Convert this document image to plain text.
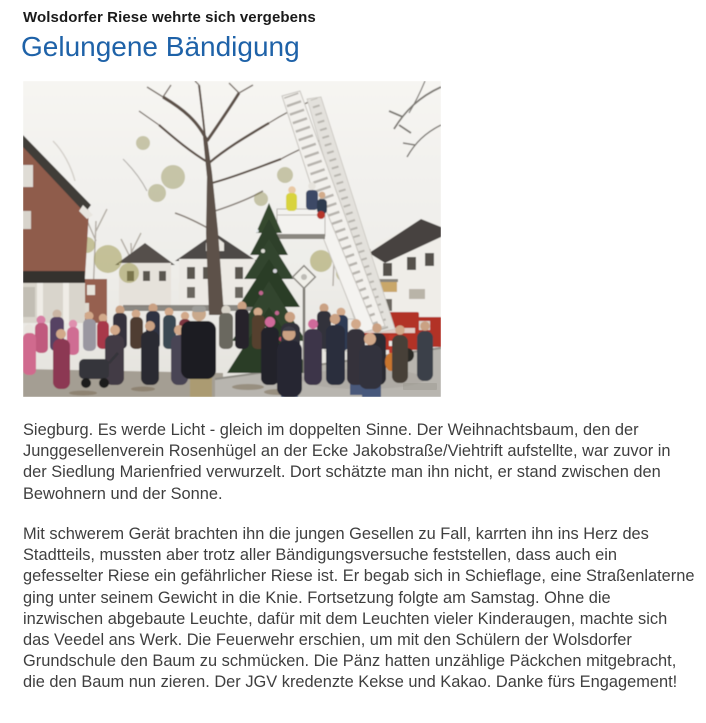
Wolsdorfer Riese wehrte sich vergebens
Gelungene Bändigung

Siegburg. Es werde Licht - gleich im doppelten Sinne. Der Weihnachtsbaum, den der Junggesellenverein Rosenhügel an der Ecke Jakobstraße/Viehtrift aufstellte, war zuvor in der Siedlung Marienfried verwurzelt. Dort schätzte man ihn nicht, er stand zwischen den Bewohnern und der Sonne.

Mit schwerem Gerät brachten ihn die jungen Gesellen zu Fall, karrten ihn ins Herz des Stadtteils, mussten aber trotz aller Bändigungsversuche feststellen, dass auch ein gefesselter Riese ein gefährlicher Riese ist. Er begab sich in Schieflage, eine Straßenlaterne ging unter seinem Gewicht in die Knie. Fortsetzung folgte am Samstag. Ohne die inzwischen abgebaute Leuchte, dafür mit dem Leuchten vieler Kinderaugen, machte sich das Veedel ans Werk. Die Feuerwehr erschien, um mit den Schülern der Wolsdorfer Grundschule den Baum zu schmücken. Die Pänz hatten unzählige Päckchen mitgebracht, die den Baum nun zieren. Der JGV kredenzte Kekse und Kakao. Danke fürs Engagement!
